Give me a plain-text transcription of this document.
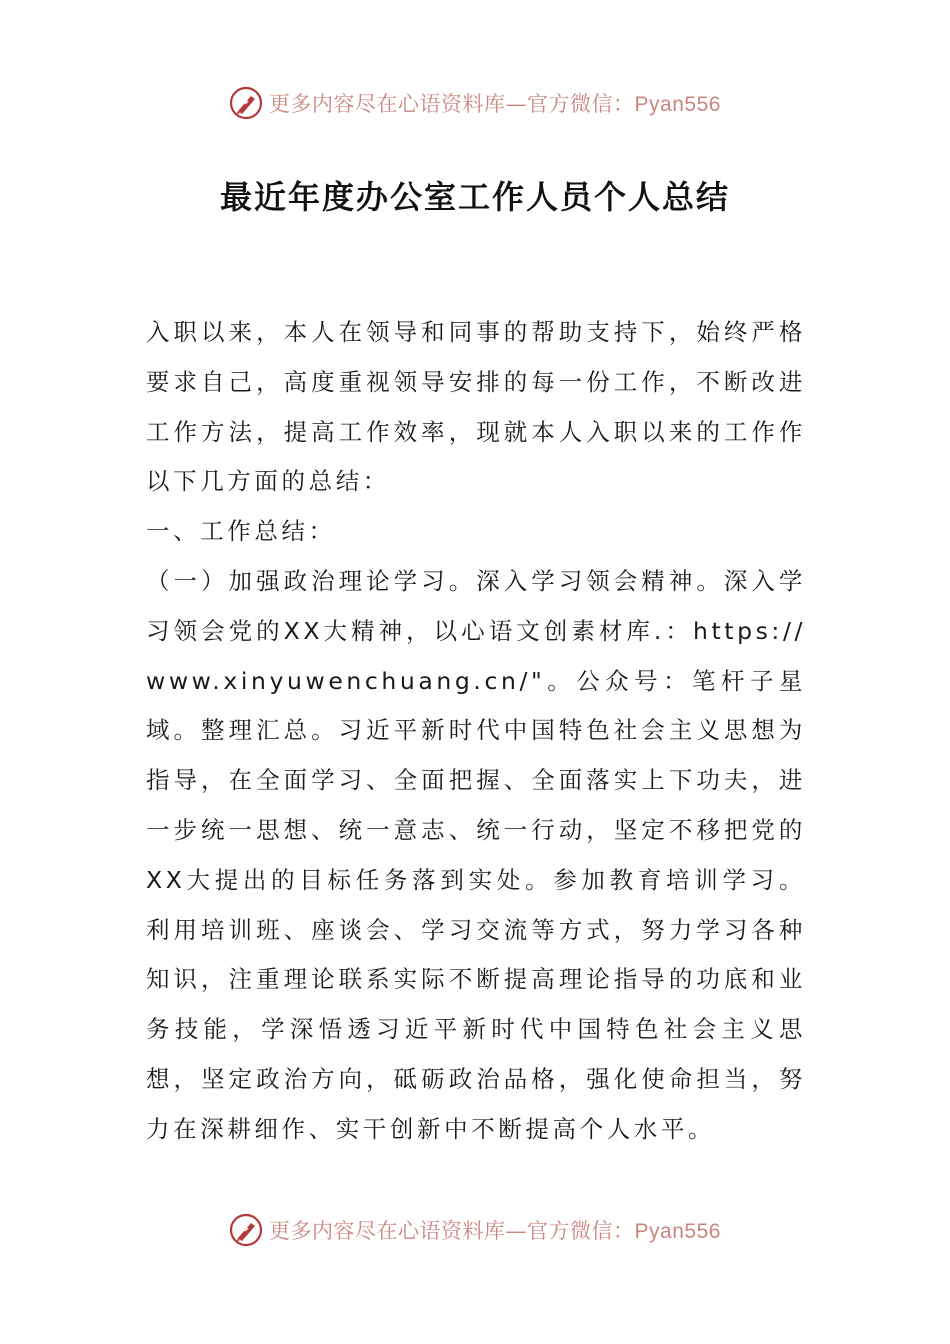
更多内容尽在心语资料库—官方微信：Pyan556
最近年度办公室工作人员个人总结

入职以来，本人在领导和同事的帮助支持下，始终严格要求自己，高度重视领导安排的每一份工作，不断改进工作方法，提高工作效率，现就本人入职以来的工作作以下几方面的总结：

一、工作总结：

（一）加强政治理论学习。深入学习领会精神。深入学习领会党的XX大精神，以心语文创素材库.：https://www.xinyuwenchuang.cn/"。公众号：笔杆子星域。整理汇总。习近平新时代中国特色社会主义思想为指导，在全面学习、全面把握、全面落实上下功夫，进一步统一思想、统一意志、统一行动，坚定不移把党的XX大提出的目标任务落到实处。参加教育培训学习。利用培训班、座谈会、学习交流等方式，努力学习各种知识，注重理论联系实际不断提高理论指导的功底和业务技能，学深悟透习近平新时代中国特色社会主义思想，坚定政治方向，砥砺政治品格，强化使命担当，努力在深耕细作、实干创新中不断提高个人水平。

更多内容尽在心语资料库—官方微信：Pyan556
